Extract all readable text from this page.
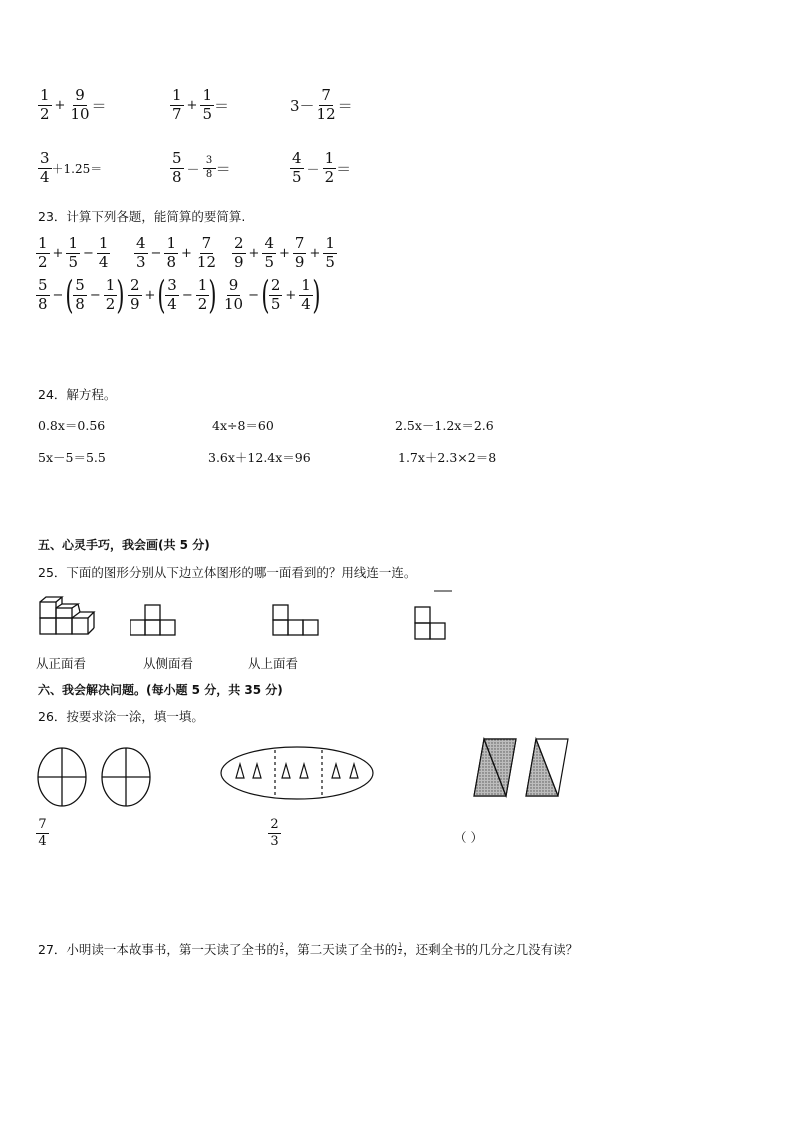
$\frac{1}{2} + \frac{9}{10}$ ＝	$\frac{1}{7} + \frac{1}{5}$ ＝	$3- \frac{7}{12}$ ＝
$\frac{3}{4} +1.25=$	$\frac{5}{8} - \frac{3}{8}$ ＝	$\frac{4}{5} - \frac{1}{2}$ ＝
23．计算下列各题，能简算的要简算.
$\frac{1}{2} + \frac{1}{5} - \frac{1}{4} \frac{4}{3} - \frac{1}{8} + \frac{7}{12} \frac{2}{9} + \frac{4}{5} + \frac{7}{9} + \frac{1}{5}$
$\frac{5}{8}$ − ( $\frac{5}{8} - \frac{1}{2}$ ) $\frac{2}{9}$ + ( $\frac{3}{4} - \frac{1}{2}$ ) $\frac{9}{10}$ − ( $\frac{2}{5} + \frac{1}{4}$ )
24．解方程。
0.8x＝0.56	4x÷8＝60	2.5x－1.2x＝2.6
5x－5＝5.5	3.6x＋12.4x＝96	1.7x＋2.3×2＝8
五、心灵手巧，我会画(共 5 分)
25．下面的图形分别从下边立体图形的哪一面看到的？用线连一连。
从正面看	从侧面看	从上面看
六、我会解决问题。(每小题 5 分，共 35 分)
26．按要求涂一涂，填一填。
$\frac{7}{4}$	$\frac{2}{3}$	（ ）
27．小明读一本故事书，第一天读了全书的 $\frac{2}{5}$ ，第二天读了全书的 $\frac{1}{2}$ ，还剩全书的几分之几没有读？
